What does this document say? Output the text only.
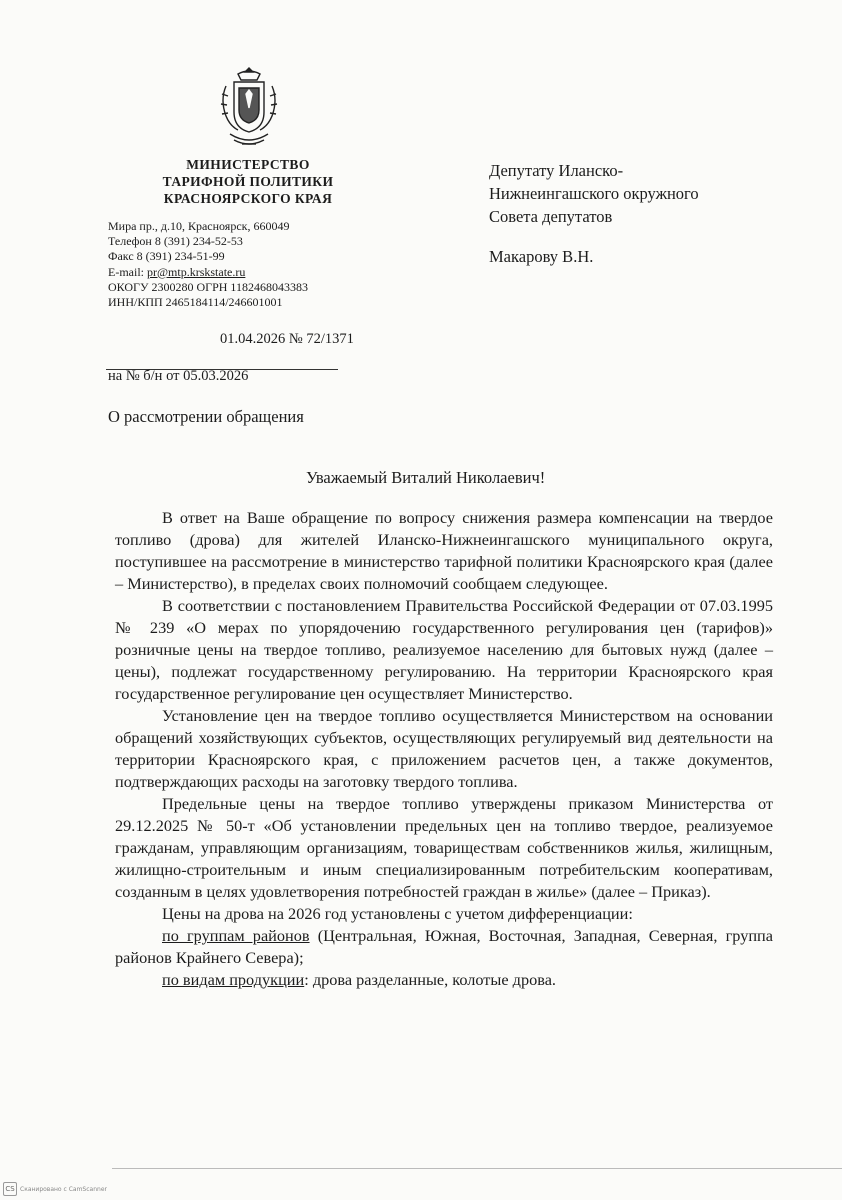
МИНИСТЕРСТВО
ТАРИФНОЙ ПОЛИТИКИ
КРАСНОЯРСКОГО КРАЯ
Мира пр., д.10, Красноярск, 660049
Телефон 8 (391) 234-52-53
Факс 8 (391) 234-51-99
E-mail: pr@mtp.krskstate.ru
ОКОГУ 2300280 ОГРН 1182468043383
ИНН/КПП 2465184114/246601001
01.04.2026 № 72/1371
на № б/н от 05.03.2026
О рассмотрении обращения
Депутату Иланско-
Нижнеингашского окружного
Совета депутатов
Макарову В.Н.
Уважаемый Виталий Николаевич!

В ответ на Ваше обращение по вопросу снижения размера компенсации на твердое топливо (дрова) для жителей Иланско-Нижнеингашского муниципального округа, поступившее на рассмотрение в министерство тарифной политики Красноярского края (далее – Министерство), в пределах своих полномочий сообщаем следующее.

В соответствии с постановлением Правительства Российской Федерации от 07.03.1995 № 239 «О мерах по упорядочению государственного регулирования цен (тарифов)» розничные цены на твердое топливо, реализуемое населению для бытовых нужд (далее – цены), подлежат государственному регулированию. На территории Красноярского края государственное регулирование цен осуществляет Министерство.

Установление цен на твердое топливо осуществляется Министерством на основании обращений хозяйствующих субъектов, осуществляющих регулируемый вид деятельности на территории Красноярского края, с приложением расчетов цен, а также документов, подтверждающих расходы на заготовку твердого топлива.

Предельные цены на твердое топливо утверждены приказом Министерства от 29.12.2025 № 50-т «Об установлении предельных цен на топливо твердое, реализуемое гражданам, управляющим организациям, товариществам собственников жилья, жилищным, жилищно-строительным и иным специализированным потребительским кооперативам, созданным в целях удовлетворения потребностей граждан в жилье» (далее – Приказ).

Цены на дрова на 2026 год установлены с учетом дифференциации:

по группам районов (Центральная, Южная, Восточная, Западная, Северная, группа районов Крайнего Севера);

по видам продукции: дрова разделанные, колотые дрова.

CS Сканировано с CamScanner
